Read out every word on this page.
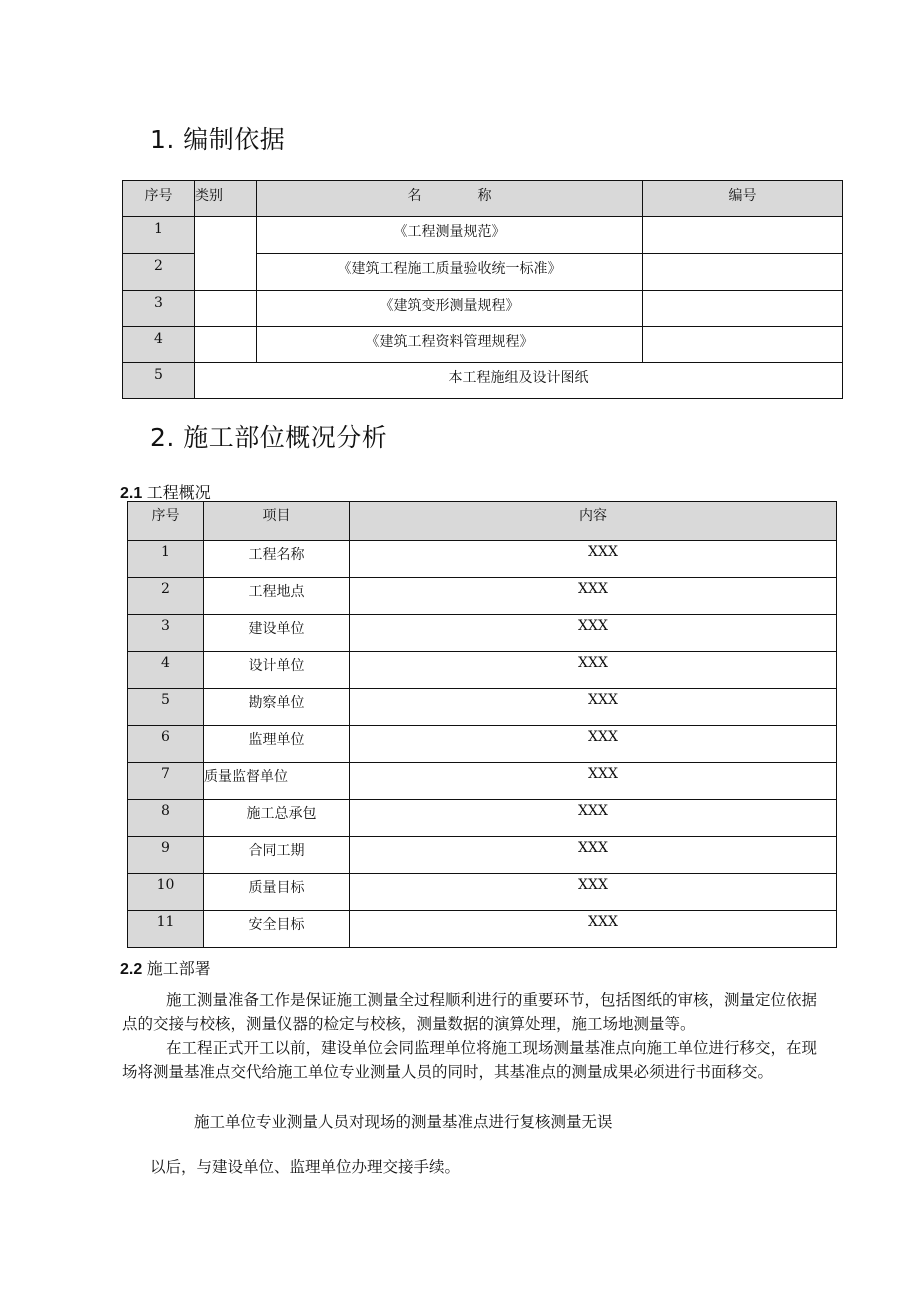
1. 编制依据
序号	类别	名　　　　称	编号
1		《工程测量规范》	
2		《建筑工程施工质量验收统一标准》	
3		《建筑变形测量规程》	
4		《建筑工程资料管理规程》	
5	本工程施组及设计图纸		
2. 施工部位概况分析
2.1 工程概况
序号	项目	内容
1	工程名称	XXX
2	工程地点	XXX
3	建设单位	XXX
4	设计单位	XXX
5	勘察单位	XXX
6	监理单位	XXX
7	质量监督单位	XXX
8	施工总承包	XXX
9	合同工期	XXX
10	质量目标	XXX
11	安全目标	XXX
2.2 施工部署

施工测量准备工作是保证施工测量全过程顺利进行的重要环节，包括图纸的审核，测量定位依据点的交接与校核，测量仪器的检定与校核，测量数据的演算处理，施工场地测量等。

在工程正式开工以前，建设单位会同监理单位将施工现场测量基准点向施工单位进行移交，在现场将测量基准点交代给施工单位专业测量人员的同时，其基准点的测量成果必须进行书面移交。

施工单位专业测量人员对现场的测量基准点进行复核测量无误

以后，与建设单位、监理单位办理交接手续。
